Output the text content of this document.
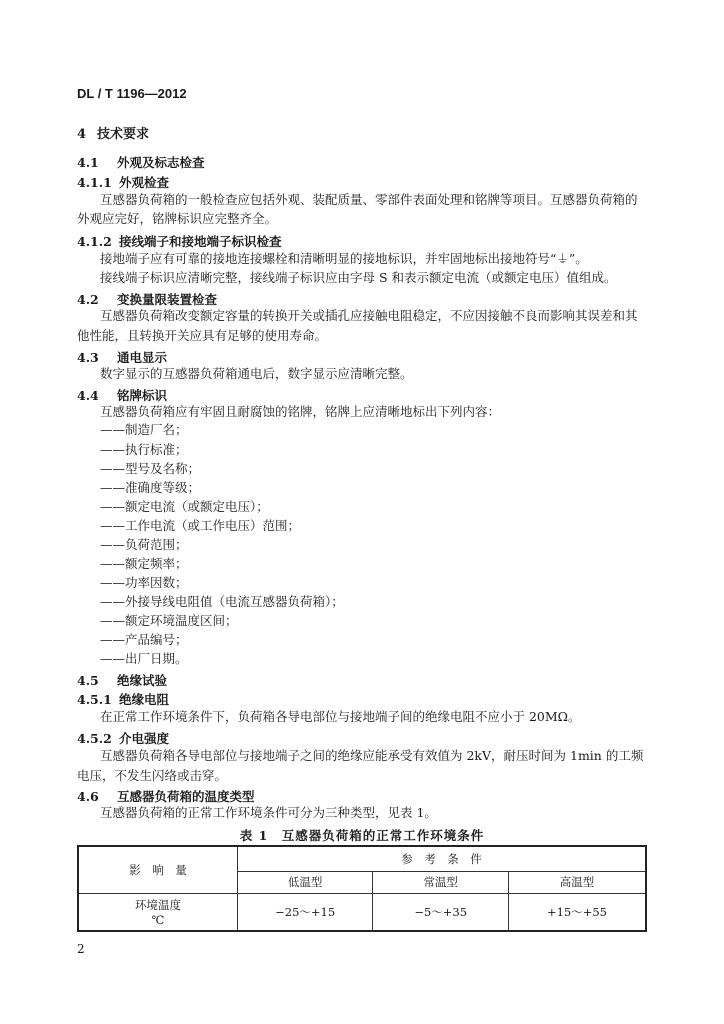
DL / T 1196—2012
4 技术要求
4.1 外观及标志检查
4.1.1 外观检查
互感器负荷箱的一般检查应包括外观、装配质量、零部件表面处理和铭牌等项目。互感器负荷箱的
外观应完好，铭牌标识应完整齐全。
4.1.2 接线端子和接地端子标识检查
接地端子应有可靠的接地连接螺栓和清晰明显的接地标识，并牢固地标出接地符号“⏚”。
接线端子标识应清晰完整，接线端子标识应由字母 S 和表示额定电流（或额定电压）值组成。
4.2 变换量限装置检查
互感器负荷箱改变额定容量的转换开关或插孔应接触电阻稳定，不应因接触不良而影响其误差和其
他性能，且转换开关应具有足够的使用寿命。
4.3 通电显示
数字显示的互感器负荷箱通电后，数字显示应清晰完整。
4.4 铭牌标识
互感器负荷箱应有牢固且耐腐蚀的铭牌，铭牌上应清晰地标出下列内容：
——制造厂名；
——执行标准；
——型号及名称；
——准确度等级；
——额定电流（或额定电压）；
——工作电流（或工作电压）范围；
——负荷范围；
——额定频率；
——功率因数；
——外接导线电阻值（电流互感器负荷箱）；
——额定环境温度区间；
——产品编号；
——出厂日期。
4.5 绝缘试验
4.5.1 绝缘电阻
在正常工作环境条件下，负荷箱各导电部位与接地端子间的绝缘电阻不应小于 20MΩ。
4.5.2 介电强度
互感器负荷箱各导电部位与接地端子之间的绝缘应能承受有效值为 2kV，耐压时间为 1min 的工频
电压，不发生闪络或击穿。
4.6 互感器负荷箱的温度类型
互感器负荷箱的正常工作环境条件可分为三种类型，见表 1。
表 1　互感器负荷箱的正常工作环境条件
影　响　量	参　考　条　件		
	低温型	常温型	高温型
环境温度
℃	−25～+15	−5～+35	+15～+55
2
